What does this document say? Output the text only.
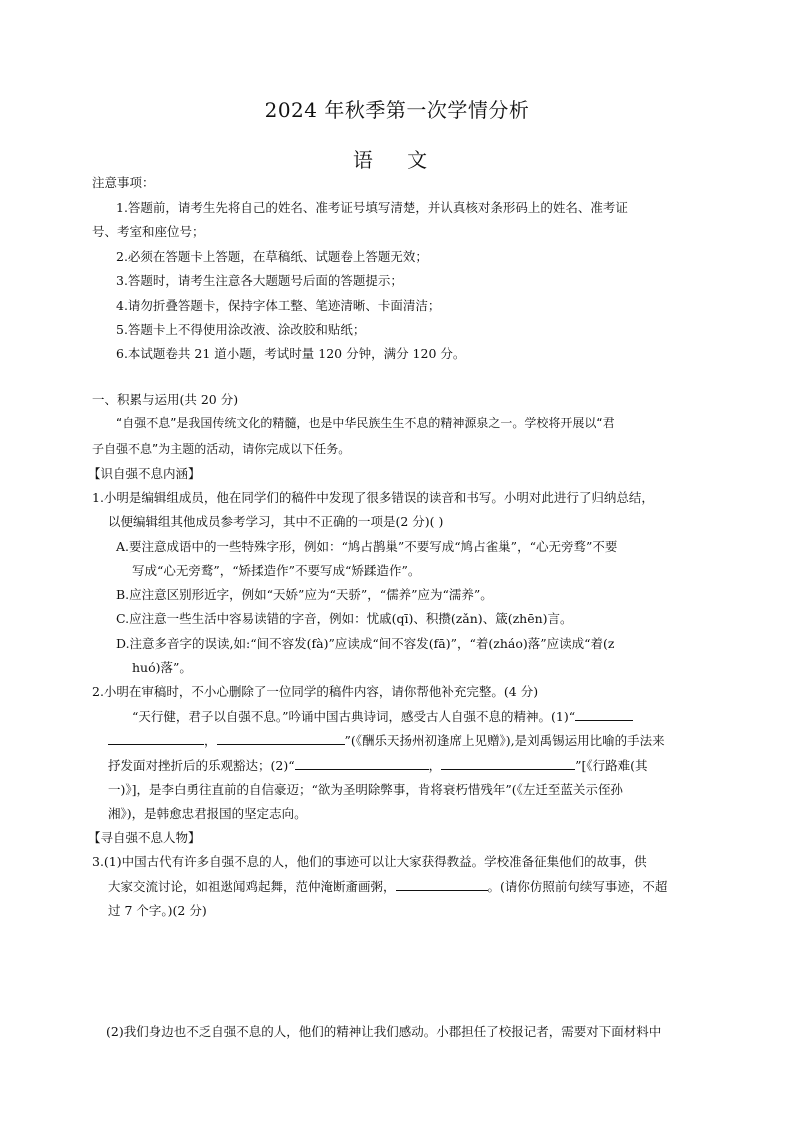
2024 年秋季第一次学情分析
语 文
注意事项：
1.答题前，请考生先将自己的姓名、准考证号填写清楚，并认真核对条形码上的姓名、准考证
号、考室和座位号；
2.必须在答题卡上答题，在草稿纸、试题卷上答题无效；
3.答题时，请考生注意各大题题号后面的答题提示；
4.请勿折叠答题卡，保持字体工整、笔迹清晰、卡面清洁；
5.答题卡上不得使用涂改液、涂改胶和贴纸；
6.本试题卷共 21 道小题，考试时量 120 分钟，满分 120 分。
一、积累与运用(共 20 分)
“自强不息”是我国传统文化的精髓，也是中华民族生生不息的精神源泉之一。学校将开展以“君
子自强不息”为主题的活动，请你完成以下任务。
【识自强不息内涵】
1.小明是编辑组成员，他在同学们的稿件中发现了很多错误的读音和书写。小明对此进行了归纳总结，
以便编辑组其他成员参考学习，其中不正确的一项是(2 分)( )
A.要注意成语中的一些特殊字形，例如：“鸠占鹊巢”不要写成“鸠占雀巢”，“心无旁骛”不要
写成“心无旁鹜”，“矫揉造作”不要写成“矫蹂造作”。
B.应注意区别形近字，例如“天娇”应为“天骄”，“儒养”应为“濡养”。
C.应注意一些生活中容易读错的字音，例如：忧戚(qī)、积攒(zǎn)、箴(zhēn)言。
D.注意多音字的误读,如:“间不容发(fà)”应读成“间不容发(fā)”，“着(zháo)落”应读成“着(z
huó)落”。
2.小明在审稿时，不小心删除了一位同学的稿件内容，请你帮他补充完整。(4 分)
“天行健，君子以自强不息。”吟诵中国古典诗词，感受古人自强不息的精神。(1)“
，	”(《酬乐天扬州初逢席上见赠》),是刘禹锡运用比喻的手法来
抒发面对挫折后的乐观豁达；(2)“	，	”[《行路难(其
一)》]，是李白勇往直前的自信豪迈；“欲为圣明除弊事，肯将衰朽惜残年”(《左迁至蓝关示侄孙
湘》)，是韩愈忠君报国的坚定志向。
【寻自强不息人物】
3.(1)中国古代有许多自强不息的人，他们的事迹可以让大家获得教益。学校准备征集他们的故事，供
大家交流讨论，如祖逖闻鸡起舞，范仲淹断齑画粥，	。(请你仿照前句续写事迹，不超
过 7 个字。)(2 分)
(2)我们身边也不乏自强不息的人，他们的精神让我们感动。小郡担任了校报记者，需要对下面材料中
